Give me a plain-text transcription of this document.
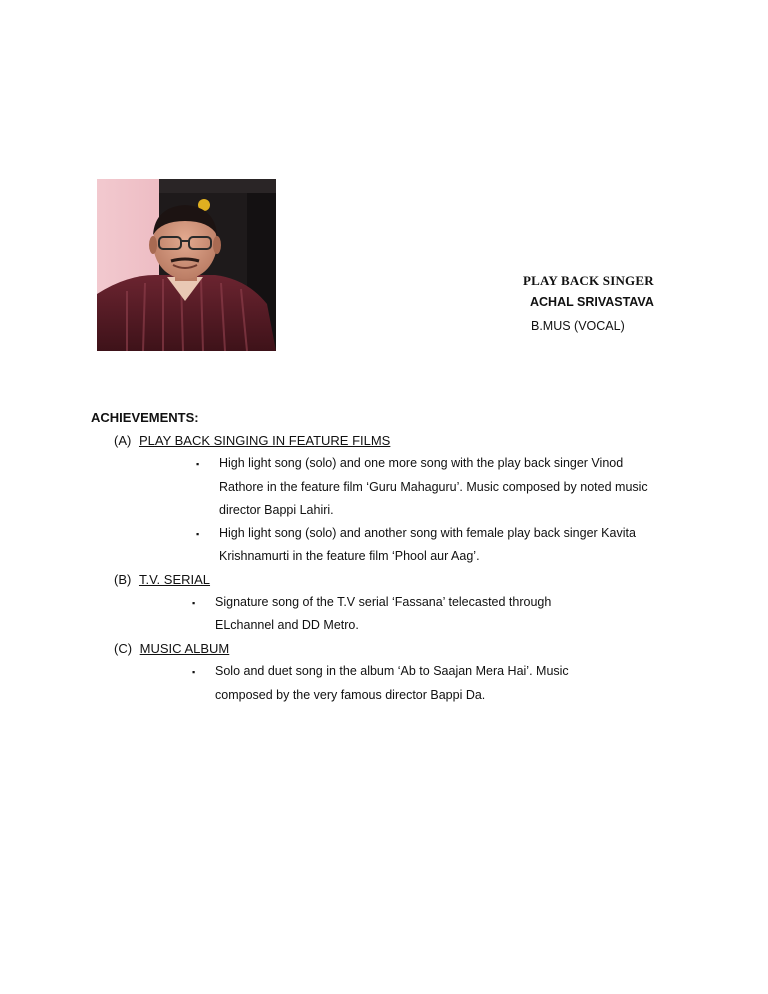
PLAY BACK SINGER
ACHAL SRIVASTAVA
B.MUS (VOCAL)
ACHIEVEMENTS:
(A) PLAY BACK SINGING IN FEATURE FILMS
▪ High light song (solo) and one more song with the play back singer Vinod
Rathore in the feature film ‘Guru Mahaguru’. Music composed by noted music
director Bappi Lahiri.
▪ High light song (solo) and another song with female play back singer Kavita
Krishnamurti in the feature film ‘Phool aur Aag’.
(B) T.V. SERIAL
▪ Signature song of the T.V serial ‘Fassana’ telecasted through
ELchannel and DD Metro.
(C) MUSIC ALBUM
▪ Solo and duet song in the album ‘Ab to Saajan Mera Hai’. Music
composed by the very famous director Bappi Da.
